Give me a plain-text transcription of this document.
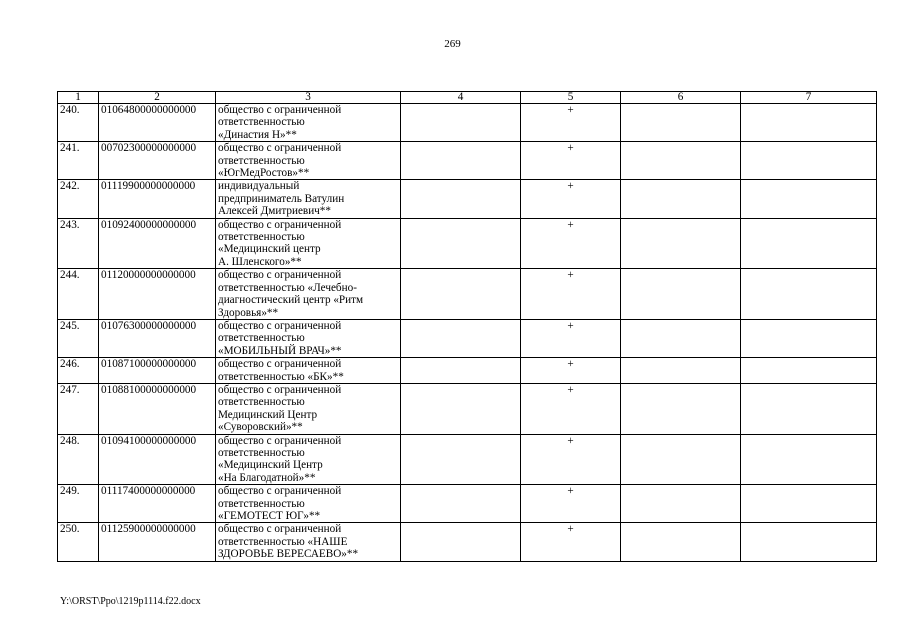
269
1	2	3	4	5	6	7

240.	01064800000000000	общество с ограниченной
ответственностью
«Династия Н»**		+		

241.	00702300000000000	общество с ограниченной
ответственностью
«ЮгМедРостов»**		+		

242.	01119900000000000	индивидуальный
предприниматель Ватулин
Алексей Дмитриевич**		+		

243.	01092400000000000	общество с ограниченной
ответственностью
«Медицинский центр
А. Шленского»**		+		

244.	01120000000000000	общество с ограниченной
ответственностью «Лечебно-
диагностический центр «Ритм
Здоровья»**		+		

245.	01076300000000000	общество с ограниченной
ответственностью
«МОБИЛЬНЫЙ ВРАЧ»**		+		

246.	01087100000000000	общество с ограниченной
ответственностью «БК»**		+		

247.	01088100000000000	общество с ограниченной
ответственностью
Медицинский Центр
«Суворовский»**		+		

248.	01094100000000000	общество с ограниченной
ответственностью
«Медицинский Центр
«На Благодатной»**		+		

249.	01117400000000000	общество с ограниченной
ответственностью
«ГЕМОТЕСТ ЮГ»**		+		

250.	01125900000000000	общество с ограниченной
ответственностью «НАШЕ
ЗДОРОВЬЕ ВЕРЕСАЕВО»**		+		

Y:\ORST\Ppo\1219p1114.f22.docx
